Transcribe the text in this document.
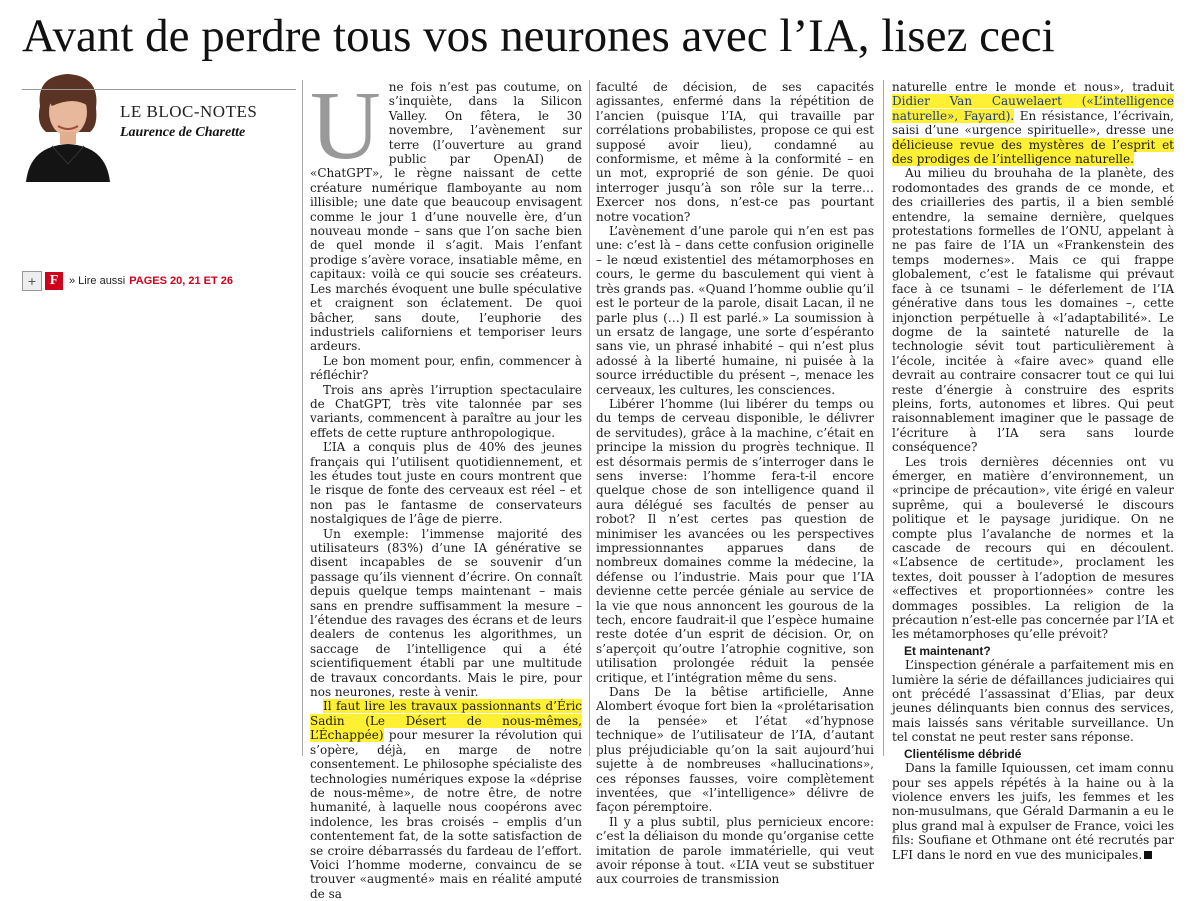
Avant de perdre tous vos neurones avec l’IA, lisez ceci
LE BLOC-NOTES
Laurence de Charette
+ F » Lire aussi PAGES 20, 21 ET 26

Une fois n’est pas coutume, on s’inquiète, dans la Silicon Valley. On fêtera, le 30 novembre, l’avènement sur terre (l’ouverture au grand public par OpenAI) de «ChatGPT», le règne naissant de cette créature numérique flamboyante au nom illisible; une date que beaucoup envisagent comme le jour 1 d’une nouvelle ère, d’un nouveau monde – sans que l’on sache bien de quel monde il s’agit. Mais l’enfant prodige s’avère vorace, insatiable même, en capitaux: voilà ce qui soucie ses créateurs. Les marchés évoquent une bulle spéculative et craignent son éclatement. De quoi bâcher, sans doute, l’euphorie des industriels californiens et temporiser leurs ardeurs.

Le bon moment pour, enfin, commencer à réfléchir?

Trois ans après l’irruption spectaculaire de ChatGPT, très vite talonnée par ses variants, commencent à paraître au jour les effets de cette rupture anthropologique.

L’IA a conquis plus de 40% des jeunes français qui l’utilisent quotidiennement, et les études tout juste en cours montrent que le risque de fonte des cerveaux est réel – et non pas le fantasme de conservateurs nostalgiques de l’âge de pierre.

Un exemple: l’immense majorité des utilisateurs (83%) d’une IA générative se disent incapables de se souvenir d’un passage qu’ils viennent d’écrire. On connaît depuis quelque temps maintenant – mais sans en prendre suffisamment la mesure – l’étendue des ravages des écrans et de leurs dealers de contenus les algorithmes, un saccage de l’intelligence qui a été scientifiquement établi par une multitude de travaux concordants. Mais le pire, pour nos neurones, reste à venir.

Il faut lire les travaux passionnants d’Éric Sadin (Le Désert de nous-mêmes, L’Échappée) pour mesurer la révolution qui s’opère, déjà, en marge de notre consentement. Le philosophe spécialiste des technologies numériques expose la «déprise de nous-même», de notre être, de notre humanité, à laquelle nous coopérons avec indolence, les bras croisés – emplis d’un contentement fat, de la sotte satisfaction de se croire débarrassés du fardeau de l’effort. Voici l’homme moderne, convaincu de se trouver «augmenté» mais en réalité amputé de sa

faculté de décision, de ses capacités agissantes, enfermé dans la répétition de l’ancien (puisque l’IA, qui travaille par corrélations probabilistes, propose ce qui est supposé avoir lieu), condamné au conformisme, et même à la conformité – en un mot, exproprié de son génie. De quoi interroger jusqu’à son rôle sur la terre… Exercer nos dons, n’est-ce pas pourtant notre vocation?

L’avènement d’une parole qui n’en est pas une: c’est là – dans cette confusion originelle – le nœud existentiel des métamorphoses en cours, le germe du basculement qui vient à très grands pas. «Quand l’homme oublie qu’il est le porteur de la parole, disait Lacan, il ne parle plus (…) Il est parlé.» La soumission à un ersatz de langage, une sorte d’espéranto sans vie, un phrasé inhabité – qui n’est plus adossé à la liberté humaine, ni puisée à la source irréductible du présent –, menace les cerveaux, les cultures, les consciences.

Libérer l’homme (lui libérer du temps ou du temps de cerveau disponible, le délivrer de servitudes), grâce à la machine, c’était en principe la mission du progrès technique. Il est désormais permis de s’interroger dans le sens inverse: l’homme fera-t-il encore quelque chose de son intelligence quand il aura délégué ses facultés de penser au robot? Il n’est certes pas question de minimiser les avancées ou les perspectives impressionnantes apparues dans de nombreux domaines comme la médecine, la défense ou l’industrie. Mais pour que l’IA devienne cette percée géniale au service de la vie que nous annoncent les gourous de la tech, encore faudrait-il que l’espèce humaine reste dotée d’un esprit de décision. Or, on s’aperçoit qu’outre l’atrophie cognitive, son utilisation prolongée réduit la pensée critique, et l’intégration même du sens.

Dans De la bêtise artificielle, Anne Alombert évoque fort bien la «prolétarisation de la pensée» et l’état «d’hypnose technique» de l’utilisateur de l’IA, d’autant plus préjudiciable qu’on la sait aujourd’hui sujette à de nombreuses «hallucinations», ces réponses fausses, voire complètement inventées, que «l’intelligence» délivre de façon péremptoire.

Il y a plus subtil, plus pernicieux encore: c’est la déliaison du monde qu’organise cette imitation de parole immatérielle, qui veut avoir réponse à tout. «L’IA veut se substituer aux courroies de transmission

naturelle entre le monde et nous», traduit Didier Van Cauwelaert («L’intelligence naturelle», Fayard). En résistance, l’écrivain, saisi d’une «urgence spirituelle», dresse une délicieuse revue des mystères de l’esprit et des prodiges de l’intelligence naturelle.

Au milieu du brouhaha de la planète, des rodomontades des grands de ce monde, et des criailleries des partis, il a bien semblé entendre, la semaine dernière, quelques protestations formelles de l’ONU, appelant à ne pas faire de l’IA un «Frankenstein des temps modernes». Mais ce qui frappe globalement, c’est le fatalisme qui prévaut face à ce tsunami – le déferlement de l’IA générative dans tous les domaines –, cette injonction perpétuelle à «l’adaptabilité». Le dogme de la sainteté naturelle de la technologie sévit tout particulièrement à l’école, incitée à «faire avec» quand elle devrait au contraire consacrer tout ce qui lui reste d’énergie à construire des esprits pleins, forts, autonomes et libres. Qui peut raisonnablement imaginer que le passage de l’écriture à l’IA sera sans lourde conséquence?

Les trois dernières décennies ont vu émerger, en matière d’environnement, un «principe de précaution», vite érigé en valeur suprême, qui a bouleversé le discours politique et le paysage juridique. On ne compte plus l’avalanche de normes et la cascade de recours qui en découlent. «L’absence de certitude», proclament les textes, doit pousser à l’adoption de mesures «effectives et proportionnées» contre les dommages possibles. La religion de la précaution n’est-elle pas concernée par l’IA et les métamorphoses qu’elle prévoit?

Et maintenant?

L’inspection générale a parfaitement mis en lumière la série de défaillances judiciaires qui ont précédé l’assassinat d’Elias, par deux jeunes délinquants bien connus des services, mais laissés sans véritable surveillance. Un tel constat ne peut rester sans réponse.

Clientélisme débridé

Dans la famille Iquioussen, cet imam connu pour ses appels répétés à la haine ou à la violence envers les juifs, les femmes et les non-musulmans, que Gérald Darmanin a eu le plus grand mal à expulser de France, voici les fils: Soufiane et Othmane ont été recrutés par LFI dans le nord en vue des municipales.
